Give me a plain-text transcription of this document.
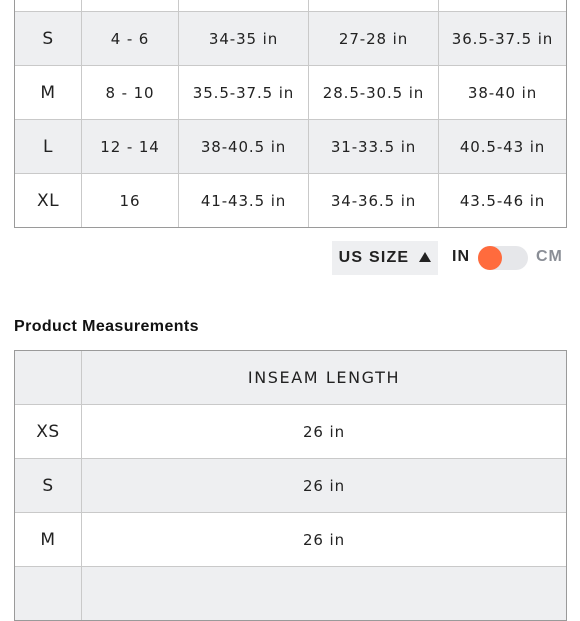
S	4 - 6	34-35 in	27-28 in	36.5-37.5 in
M	8 - 10	35.5-37.5 in	28.5-30.5 in	38-40 in
L	12 - 14	38-40.5 in	31-33.5 in	40.5-43 in
XL	16	41-43.5 in	34-36.5 in	43.5-46 in
US SIZE	IN	CM
Product Measurements
	INSEAM LENGTH
XS	26 in
S	26 in
M	26 in
